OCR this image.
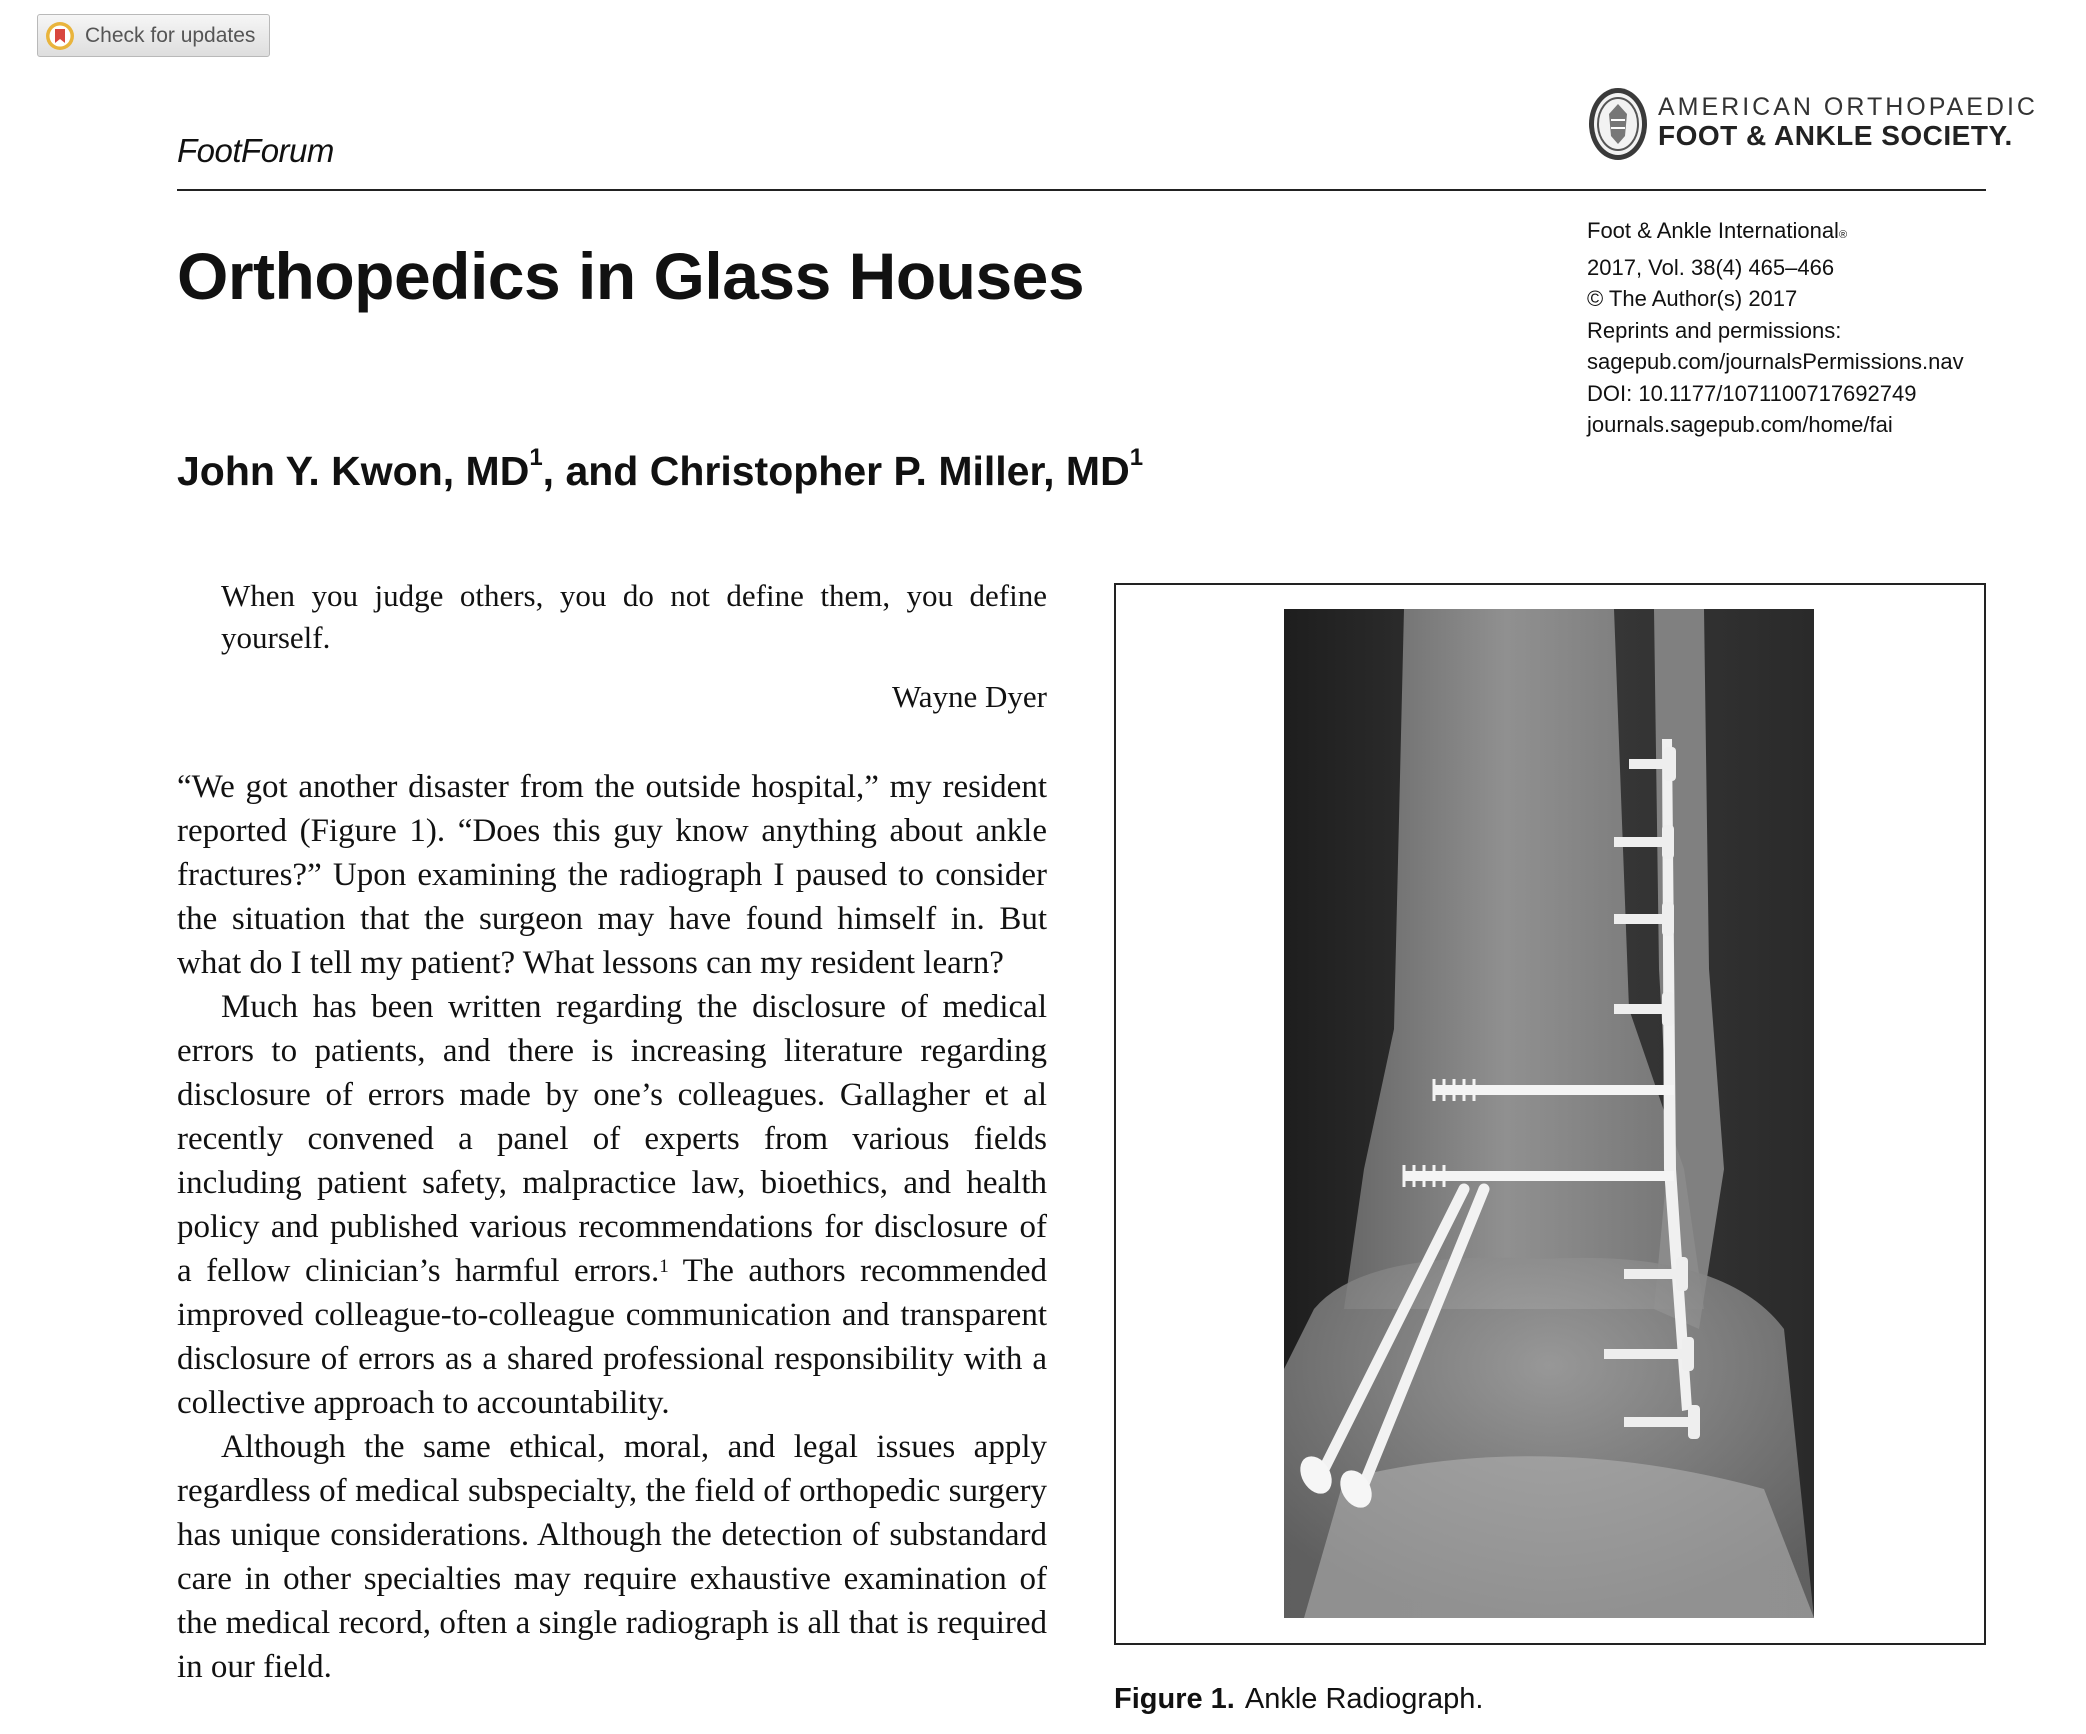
Check for updates
FootForum
AMERICAN ORTHOPAEDIC
FOOT & ANKLE SOCIETY.
Orthopedics in Glass Houses
John Y. Kwon, $MD^1$, and Christopher P. Miller, $MD^1$
Foot & Ankle International®
2017, Vol. 38(4) 465–466
© The Author(s) 2017
Reprints and permissions:
sagepub.com/journalsPermissions.nav
DOI: 10.1177/1071100717692749
journals.sagepub.com/home/fai
When you judge others, you do not define them, you define yourself.
Wayne Dyer

“We got another disaster from the outside hospital,” my resident reported (Figure 1). “Does this guy know anything about ankle fractures?” Upon examining the radiograph I paused to consider the situation that the surgeon may have found himself in. But what do I tell my patient? What lessons can my resident learn?

Much has been written regarding the disclosure of medical errors to patients, and there is increasing literature regarding disclosure of errors made by one’s colleagues. Gallagher et al recently convened a panel of experts from various fields including patient safety, malpractice law, bioethics, and health policy and published various recommendations for disclosure of a fellow clinician’s harmful errors.$^1$ The authors recommended improved colleague-to-colleague communication and transparent disclosure of errors as a shared professional responsibility with a collective approach to accountability.

Although the same ethical, moral, and legal issues apply regardless of medical subspecialty, the field of orthopedic surgery has unique considerations. Although the detection of substandard care in other specialties may require exhaustive examination of the medical record, often a single radiograph is all that is required in our field.

Figure 1. Ankle Radiograph.
